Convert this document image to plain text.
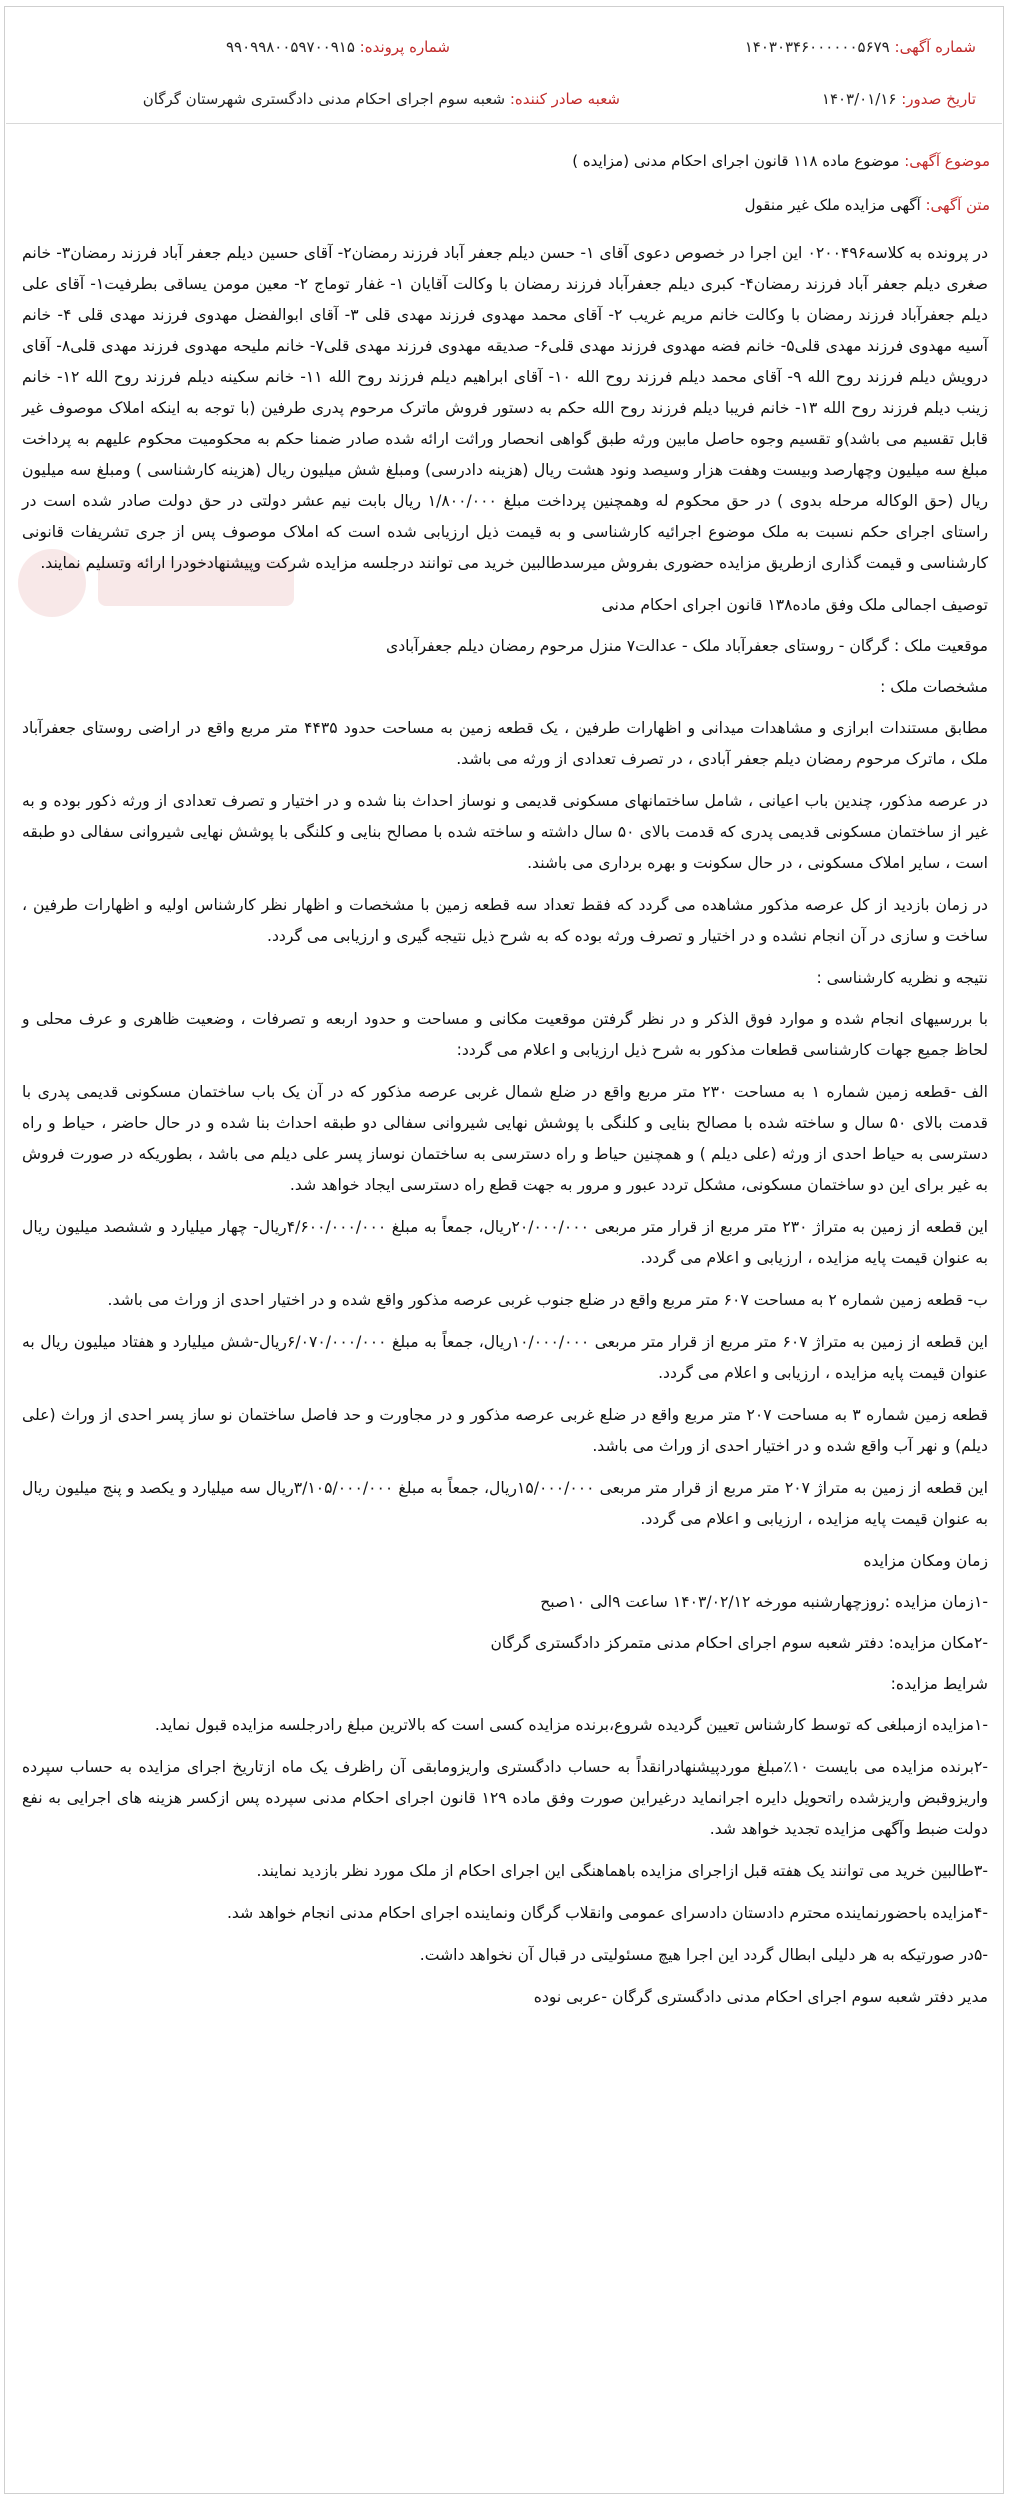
شماره آگهی: ۱۴۰۳۰۳۴۶۰۰۰۰۰۰۵۶۷۹
شماره پرونده: ۹۹۰۹۹۸۰۰۵۹۷۰۰۹۱۵
تاریخ صدور: ۱۴۰۳/۰۱/۱۶
شعبه صادر کننده: شعبه سوم اجرای احکام مدنی دادگستری شهرستان گرگان
موضوع آگهی: موضوع ماده ۱۱۸ قانون اجرای احکام مدنی (مزایده )
متن آگهی: آگهی مزایده ملک غیر منقول

در پرونده به کلاسه۰۲۰۰۴۹۶ این اجرا در خصوص دعوی آقای ۱- حسن دیلم جعفر آباد فرزند رمضان۲- آقای حسین دیلم جعفر آباد فرزند رمضان۳- خانم صغری دیلم جعفر آباد فرزند رمضان۴- کبری دیلم جعفرآباد فرزند رمضان با وکالت آقایان ۱- غفار توماج ۲- معین مومن یساقی بطرفیت۱- آقای علی دیلم جعفرآباد فرزند رمضان با وکالت خانم مریم غریب ۲- آقای محمد مهدوی فرزند مهدی قلی ۳- آقای ابوالفضل مهدوی فرزند مهدی قلی ۴- خانم آسیه مهدوی فرزند مهدی قلی۵- خانم فضه مهدوی فرزند مهدی قلی۶- صدیقه مهدوی فرزند مهدی قلی۷- خانم ملیحه مهدوی فرزند مهدی قلی۸- آقای درویش دیلم فرزند روح الله ۹- آقای محمد دیلم فرزند روح الله ۱۰- آقای ابراهیم دیلم فرزند روح الله ۱۱- خانم سکینه دیلم فرزند روح الله ۱۲- خانم زینب دیلم فرزند روح الله ۱۳- خانم فریبا دیلم فرزند روح الله حکم به دستور فروش ماترک مرحوم پدری طرفین (با توجه به اینکه املاک موصوف غیر قابل تقسیم می باشد)و تقسیم وجوه حاصل مابین ورثه طبق گواهی انحصار وراثت ارائه شده صادر ضمنا حکم به محکومیت محکوم علیهم به پرداخت مبلغ سه میلیون وچهارصد وبیست وهفت هزار وسیصد ونود هشت ریال (هزینه دادرسی) ومبلغ شش میلیون ریال (هزینه کارشناسی ) ومبلغ سه میلیون ریال (حق الوکاله مرحله بدوی ) در حق محکوم له وهمچنین پرداخت مبلغ ۱/۸۰۰/۰۰۰ ریال بابت نیم عشر دولتی در حق دولت صادر شده است در راستای اجرای حکم نسبت به ملک موضوع اجرائیه کارشناسی و به قیمت ذیل ارزیابی شده است که املاک موصوف پس از جری تشریفات قانونی کارشناسی و قیمت گذاری ازطریق مزایده حضوری بفروش میرسدطالبین خرید می توانند درجلسه مزایده شرکت وپیشنهادخودرا ارائه وتسلیم نمایند.

توصیف اجمالی ملک وفق ماده۱۳۸ قانون اجرای احکام مدنی

موقعیت ملک : گرگان - روستای جعفرآباد ملک - عدالت۷ منزل مرحوم رمضان دیلم جعفرآبادی

مشخصات ملک :

مطابق مستندات ابرازی و مشاهدات میدانی و اظهارات طرفین ، یک قطعه زمین به مساحت حدود ۴۴۳۵ متر مربع واقع در اراضی روستای جعفرآباد ملک ، ماترک مرحوم رمضان دیلم جعفر آبادی ، در تصرف تعدادی از ورثه می باشد.

در عرصه مذکور، چندین باب اعیانی ، شامل ساختمانهای مسکونی قدیمی و نوساز احداث بنا شده و در اختیار و تصرف تعدادی از ورثه ذکور بوده و به غیر از ساختمان مسکونی قدیمی پدری که قدمت بالای ۵۰ سال داشته و ساخته شده با مصالح بنایی و کلنگی با پوشش نهایی شیروانی سفالی دو طبقه است ، سایر املاک مسکونی ، در حال سکونت و بهره برداری می باشند.

در زمان بازدید از کل عرصه مذکور مشاهده می گردد که فقط تعداد سه قطعه زمین با مشخصات و اظهار نظر کارشناس اولیه و اظهارات طرفین ، ساخت و سازی در آن انجام نشده و در اختیار و تصرف ورثه بوده که به شرح ذیل نتیجه گیری و ارزیابی می گردد.

نتیجه و نظریه کارشناسی :

با بررسیهای انجام شده و موارد فوق الذکر و در نظر گرفتن موقعیت مکانی و مساحت و حدود اربعه و تصرفات ، وضعیت ظاهری و عرف محلی و لحاظ جمیع جهات کارشناسی قطعات مذکور به شرح ذیل ارزیابی و اعلام می گردد:

الف -قطعه زمین شماره ۱ به مساحت ۲۳۰ متر مربع واقع در ضلع شمال غربی عرصه مذکور که در آن یک باب ساختمان مسکونی قدیمی پدری با قدمت بالای ۵۰ سال و ساخته شده با مصالح بنایی و کلنگی با پوشش نهایی شیروانی سفالی دو طبقه احداث بنا شده و در حال حاضر ، حیاط و راه دسترسی به حیاط احدی از ورثه (علی دیلم ) و همچنین حیاط و راه دسترسی به ساختمان نوساز پسر علی دیلم می باشد ، بطوریکه در صورت فروش به غیر برای این دو ساختمان مسکونی، مشکل تردد عبور و مرور به جهت قطع راه دسترسی ایجاد خواهد شد.

این قطعه از زمین به متراژ ۲۳۰ متر مربع از قرار متر مربعی ۲۰/۰۰۰/۰۰۰ریال، جمعاً به مبلغ ۴/۶۰۰/۰۰۰/۰۰۰ریال- چهار میلیارد و ششصد میلیون ریال به عنوان قیمت پایه مزایده ، ارزیابی و اعلام می گردد.

ب- قطعه زمین شماره ۲ به مساحت ۶۰۷ متر مربع واقع در ضلع جنوب غربی عرصه مذکور واقع شده و در اختیار احدی از وراث می باشد.

این قطعه از زمین به متراژ ۶۰۷ متر مربع از قرار متر مربعی ۱۰/۰۰۰/۰۰۰ریال، جمعاً به مبلغ ۶/۰۷۰/۰۰۰/۰۰۰ریال-شش میلیارد و هفتاد میلیون ریال به عنوان قیمت پایه مزایده ، ارزیابی و اعلام می گردد.

قطعه زمین شماره ۳ به مساحت ۲۰۷ متر مربع واقع در ضلع غربی عرصه مذکور و در مجاورت و حد فاصل ساختمان نو ساز پسر احدی از وراث (علی دیلم) و نهر آب واقع شده و در اختیار احدی از وراث می باشد.

این قطعه از زمین به متراژ ۲۰۷ متر مربع از قرار متر مربعی ۱۵/۰۰۰/۰۰۰ریال، جمعاً به مبلغ ۳/۱۰۵/۰۰۰/۰۰۰ریال سه میلیارد و یکصد و پنج میلیون ریال به عنوان قیمت پایه مزایده ، ارزیابی و اعلام می گردد.

زمان ومکان مزایده

-۱زمان مزایده :روزچهارشنبه مورخه ۱۴۰۳/۰۲/۱۲ ساعت ۹الی ۱۰صبح

-۲مکان مزایده: دفتر شعبه سوم اجرای احکام مدنی متمرکز دادگستری گرگان

شرایط مزایده:

-۱مزایده ازمبلغی که توسط کارشناس تعیین گردیده شروع،برنده مزایده کسی است که بالاترین مبلغ رادرجلسه مزایده قبول نماید.

-۲برنده مزایده می بایست ۱۰٪مبلغ موردپیشنهادرانقداً به حساب دادگستری واریزومابقی آن راظرف یک ماه ازتاریخ اجرای مزایده به حساب سپرده واریزوقبض واریزشده راتحویل دایره اجرانماید درغیراین صورت وفق ماده ۱۲۹ قانون اجرای احکام مدنی سپرده پس ازکسر هزینه های اجرایی به نفع دولت ضبط وآگهی مزایده تجدید خواهد شد.

-۳طالبین خرید می توانند یک هفته قبل ازاجرای مزایده باهماهنگی این اجرای احکام از ملک مورد نظر بازدید نمایند.

-۴مزایده باحضورنماینده محترم دادستان دادسرای عمومی وانقلاب گرگان ونماینده اجرای احکام مدنی انجام خواهد شد.

-۵در صورتیکه به هر دلیلی ابطال گردد این اجرا هیچ مسئولیتی در قبال آن نخواهد داشت.

مدیر دفتر شعبه سوم اجرای احکام مدنی دادگستری گرگان -عربی نوده
